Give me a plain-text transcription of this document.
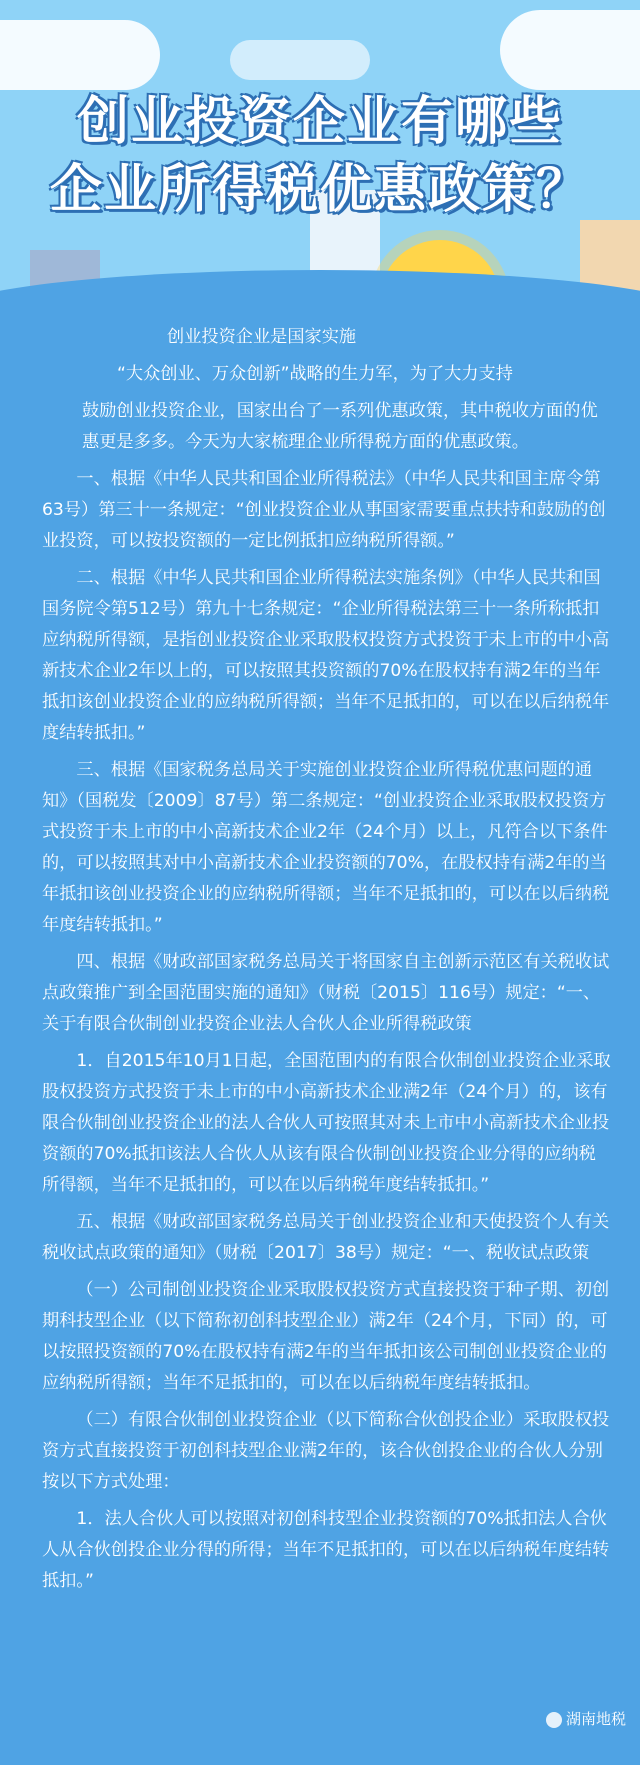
创业投资企业有哪些
企业所得税优惠政策？

创业投资企业是国家实施

“大众创业、万众创新”战略的生力军，为了大力支持

鼓励创业投资企业，国家出台了一系列优惠政策，其中税收方面的优惠更是多多。今天为大家梳理企业所得税方面的优惠政策。

一、根据《中华人民共和国企业所得税法》（中华人民共和国主席令第63号）第三十一条规定：“创业投资企业从事国家需要重点扶持和鼓励的创业投资，可以按投资额的一定比例抵扣应纳税所得额。”

二、根据《中华人民共和国企业所得税法实施条例》（中华人民共和国国务院令第512号）第九十七条规定：“企业所得税法第三十一条所称抵扣应纳税所得额，是指创业投资企业采取股权投资方式投资于未上市的中小高新技术企业2年以上的，可以按照其投资额的70%在股权持有满2年的当年抵扣该创业投资企业的应纳税所得额；当年不足抵扣的，可以在以后纳税年度结转抵扣。”

三、根据《国家税务总局关于实施创业投资企业所得税优惠问题的通知》（国税发〔2009〕87号）第二条规定：“创业投资企业采取股权投资方式投资于未上市的中小高新技术企业2年（24个月）以上，凡符合以下条件的，可以按照其对中小高新技术企业投资额的70%，在股权持有满2年的当年抵扣该创业投资企业的应纳税所得额；当年不足抵扣的，可以在以后纳税年度结转抵扣。”

四、根据《财政部国家税务总局关于将国家自主创新示范区有关税收试点政策推广到全国范围实施的通知》（财税〔2015〕116号）规定：“一、关于有限合伙制创业投资企业法人合伙人企业所得税政策

1．自2015年10月1日起，全国范围内的有限合伙制创业投资企业采取股权投资方式投资于未上市的中小高新技术企业满2年（24个月）的，该有限合伙制创业投资企业的法人合伙人可按照其对未上市中小高新技术企业投资额的70%抵扣该法人合伙人从该有限合伙制创业投资企业分得的应纳税所得额，当年不足抵扣的，可以在以后纳税年度结转抵扣。”

五、根据《财政部国家税务总局关于创业投资企业和天使投资个人有关税收试点政策的通知》（财税〔2017〕38号）规定：“一、税收试点政策

（一）公司制创业投资企业采取股权投资方式直接投资于种子期、初创期科技型企业（以下简称初创科技型企业）满2年（24个月，下同）的，可以按照投资额的70%在股权持有满2年的当年抵扣该公司制创业投资企业的应纳税所得额；当年不足抵扣的，可以在以后纳税年度结转抵扣。

（二）有限合伙制创业投资企业（以下简称合伙创投企业）采取股权投资方式直接投资于初创科技型企业满2年的，该合伙创投企业的合伙人分别按以下方式处理：

1．法人合伙人可以按照对初创科技型企业投资额的70%抵扣法人合伙人从合伙创投企业分得的所得；当年不足抵扣的，可以在以后纳税年度结转抵扣。”

湖南地税
